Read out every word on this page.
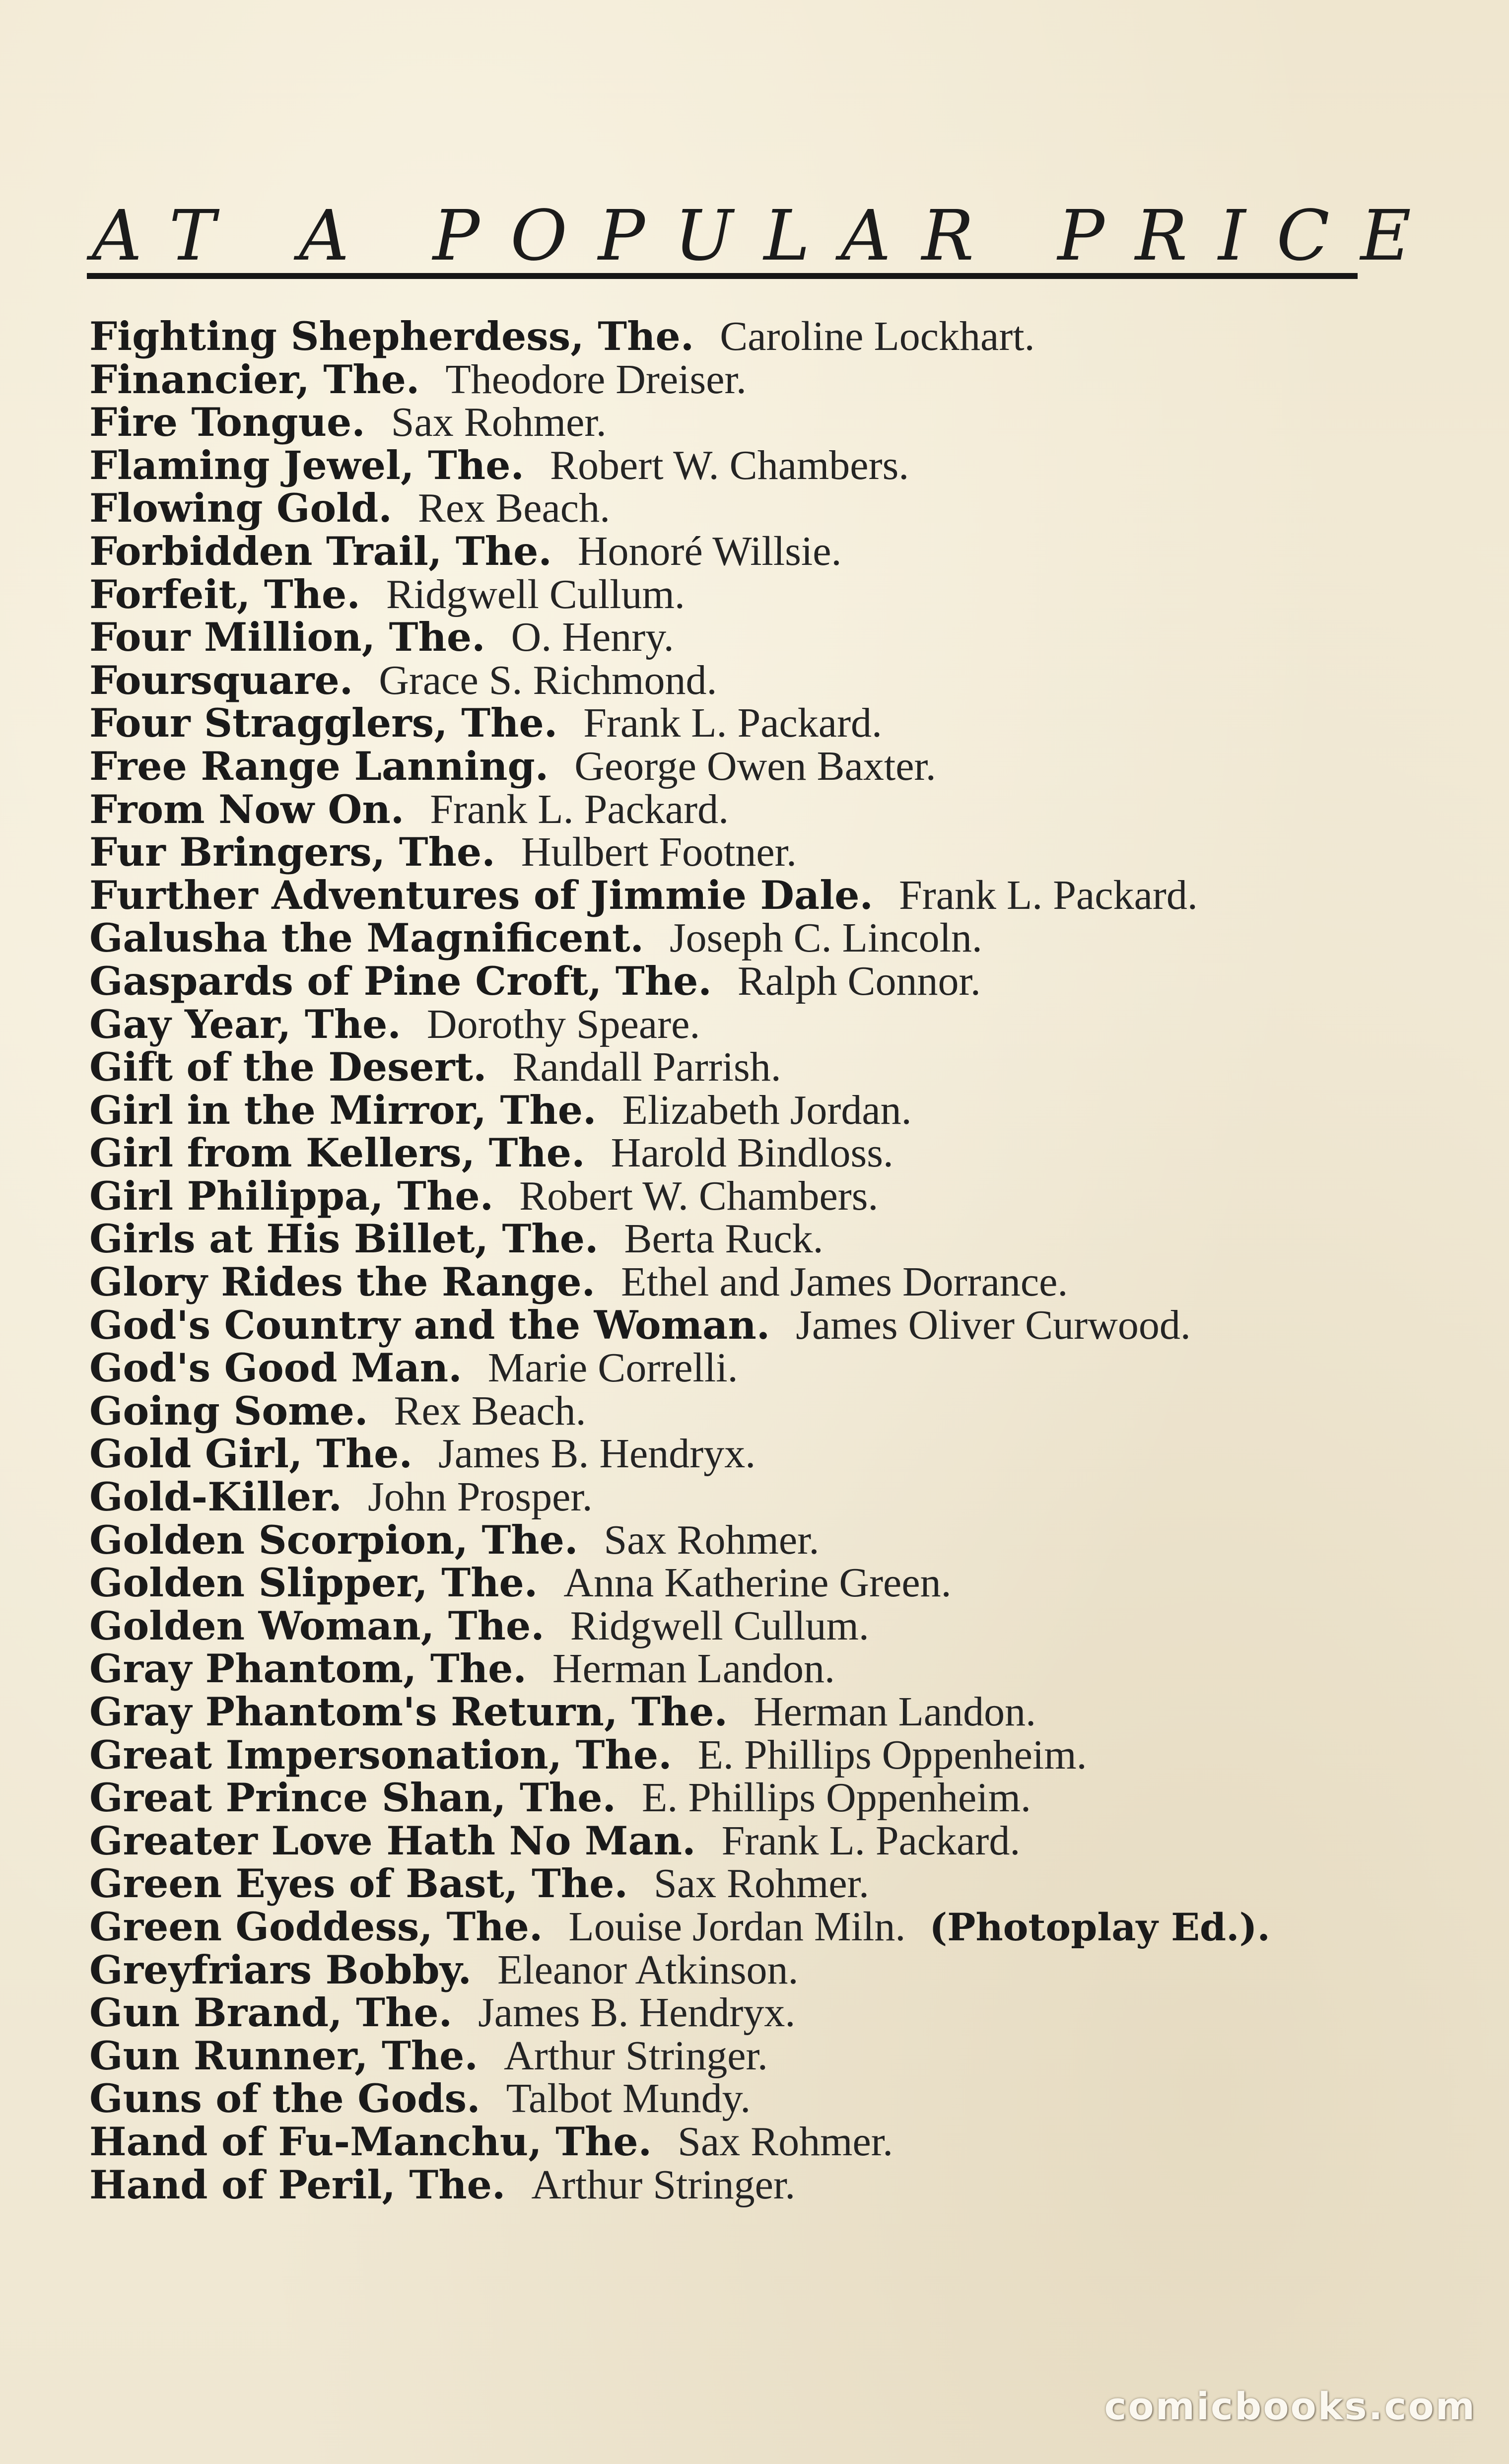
AT A POPULAR PRICE
Fighting Shepherdess, The. Caroline Lockhart.
Financier, The. Theodore Dreiser.
Fire Tongue. Sax Rohmer.
Flaming Jewel, The. Robert W. Chambers.
Flowing Gold. Rex Beach.
Forbidden Trail, The. Honoré Willsie.
Forfeit, The. Ridgwell Cullum.
Four Million, The. O. Henry.
Foursquare. Grace S. Richmond.
Four Stragglers, The. Frank L. Packard.
Free Range Lanning. George Owen Baxter.
From Now On. Frank L. Packard.
Fur Bringers, The. Hulbert Footner.
Further Adventures of Jimmie Dale. Frank L. Packard.
Galusha the Magnificent. Joseph C. Lincoln.
Gaspards of Pine Croft, The. Ralph Connor.
Gay Year, The. Dorothy Speare.
Gift of the Desert. Randall Parrish.
Girl in the Mirror, The. Elizabeth Jordan.
Girl from Kellers, The. Harold Bindloss.
Girl Philippa, The. Robert W. Chambers.
Girls at His Billet, The. Berta Ruck.
Glory Rides the Range. Ethel and James Dorrance.
God's Country and the Woman. James Oliver Curwood.
God's Good Man. Marie Correlli.
Going Some. Rex Beach.
Gold Girl, The. James B. Hendryx.
Gold-Killer. John Prosper.
Golden Scorpion, The. Sax Rohmer.
Golden Slipper, The. Anna Katherine Green.
Golden Woman, The. Ridgwell Cullum.
Gray Phantom, The. Herman Landon.
Gray Phantom's Return, The. Herman Landon.
Great Impersonation, The. E. Phillips Oppenheim.
Great Prince Shan, The. E. Phillips Oppenheim.
Greater Love Hath No Man. Frank L. Packard.
Green Eyes of Bast, The. Sax Rohmer.
Green Goddess, The. Louise Jordan Miln. (Photoplay Ed.).
Greyfriars Bobby. Eleanor Atkinson.
Gun Brand, The. James B. Hendryx.
Gun Runner, The. Arthur Stringer.
Guns of the Gods. Talbot Mundy.
Hand of Fu-Manchu, The. Sax Rohmer.
Hand of Peril, The. Arthur Stringer.
comicbooks.com
